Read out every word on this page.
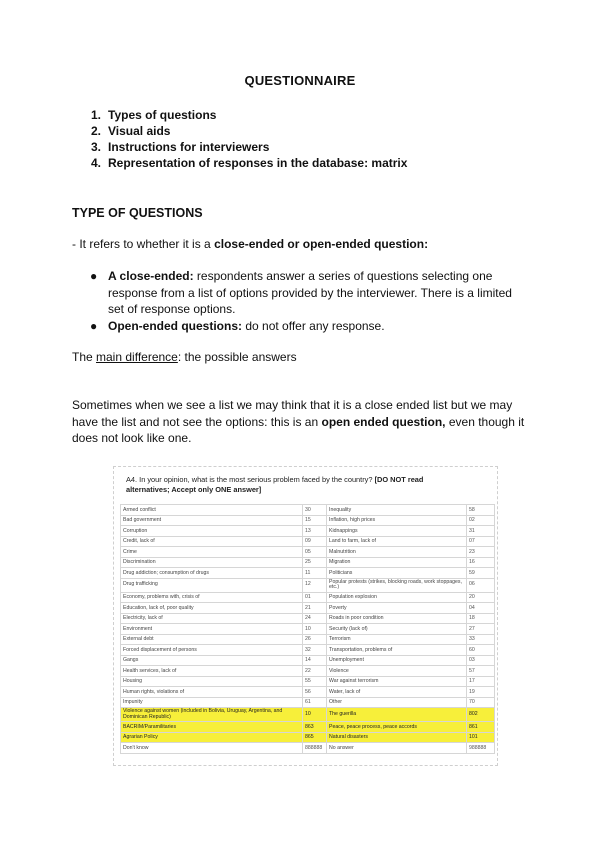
QUESTIONNAIRE
1. Types of questions
2. Visual aids
3. Instructions for interviewers
4. Representation of responses in the database: matrix
TYPE OF QUESTIONS
- It refers to whether it is a close-ended or open-ended question:
● A close-ended: respondents answer a series of questions selecting one response from a list of options provided by the interviewer. There is a limited set of response options.
● Open-ended questions: do not offer any response.
The main difference: the possible answers
Sometimes when we see a list we may think that it is a close ended list but we may have the list and not see the options: this is an open ended question, even though it does not look like one.
A4. In your opinion, what is the most serious problem faced by the country? [DO NOT read alternatives; Accept only ONE answer]
Armed conflict	30	Inequality	58
Bad government	15	Inflation, high prices	02
Corruption	13	Kidnappings	31
Credit, lack of	09	Land to farm, lack of	07
Crime	05	Malnutrition	23
Discrimination	25	Migration	16
Drug addiction; consumption of drugs	11	Politicians	59
Drug trafficking	12	Popular protests (strikes, blocking roads, work stoppages, etc.)	06
Economy, problems with, crisis of	01	Population explosion	20
Education, lack of, poor quality	21	Poverty	04
Electricity, lack of	24	Roads in poor condition	18
Environment	10	Security (lack of)	27
External debt	26	Terrorism	33
Forced displacement of persons	32	Transportation, problems of	60
Gangs	14	Unemployment	03
Health services, lack of	22	Violence	57
Housing	55	War against terrorism	17
Human rights, violations of	56	Water, lack of	19
Impunity	61	Other	70
Violence against women (included in Bolivia, Uruguay, Argentina, and Dominican Republic)	10	The guerilla	802
BACRIM/Paramilitaries	863	Peace, peace process, peace accords	861
Agrarian Policy	865	Natural disasters	101
Don't know	888888	No answer	988888
